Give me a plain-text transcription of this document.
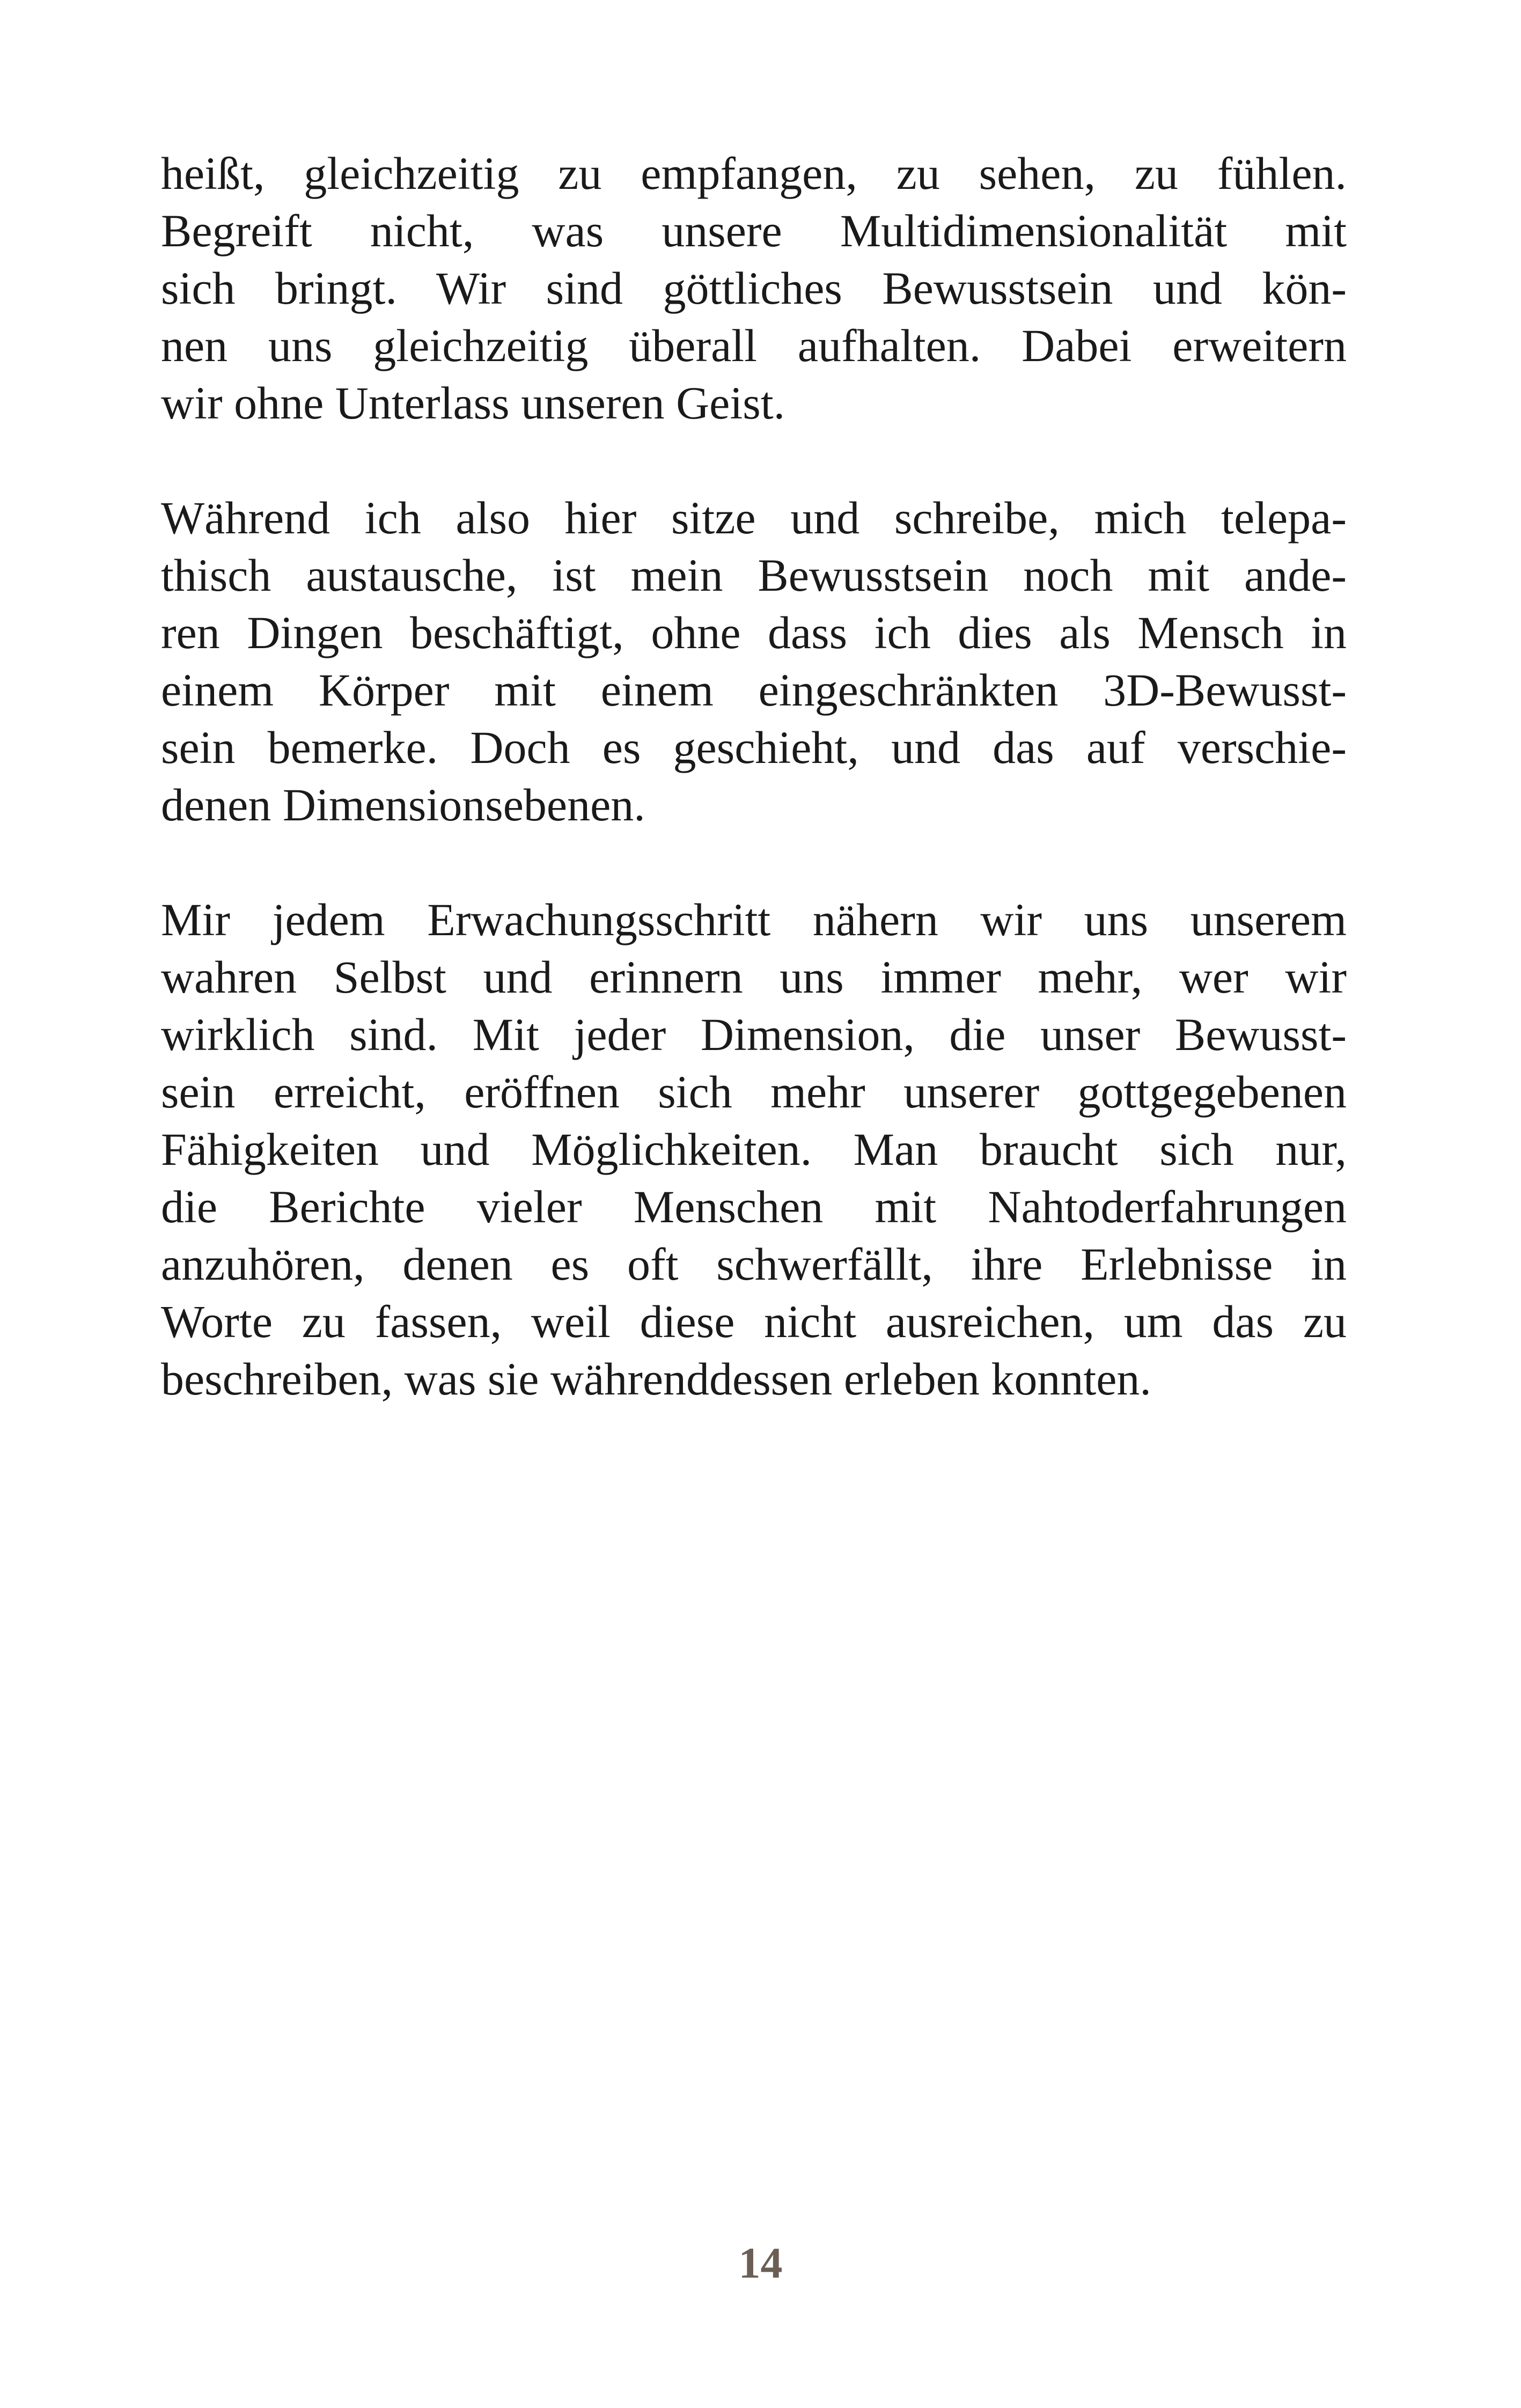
heißt, gleichzeitig zu empfangen, zu sehen, zu fühlen.
Begreift nicht, was unsere Multidimensionalität mit
sich bringt. Wir sind göttliches Bewusstsein und kön-
nen uns gleichzeitig überall aufhalten. Dabei erweitern
wir ohne Unterlass unseren Geist.
Während ich also hier sitze und schreibe, mich telepa-
thisch austausche, ist mein Bewusstsein noch mit ande-
ren Dingen beschäftigt, ohne dass ich dies als Mensch in
einem Körper mit einem eingeschränkten 3D-Bewusst-
sein bemerke. Doch es geschieht, und das auf verschie-
denen Dimensionsebenen.
Mir jedem Erwachungsschritt nähern wir uns unserem
wahren Selbst und erinnern uns immer mehr, wer wir
wirklich sind. Mit jeder Dimension, die unser Bewusst-
sein erreicht, eröffnen sich mehr unserer gottgegebenen
Fähigkeiten und Möglichkeiten. Man braucht sich nur,
die Berichte vieler Menschen mit Nahtoderfahrungen
anzuhören, denen es oft schwerfällt, ihre Erlebnisse in
Worte zu fassen, weil diese nicht ausreichen, um das zu
beschreiben, was sie währenddessen erleben konnten.
14
